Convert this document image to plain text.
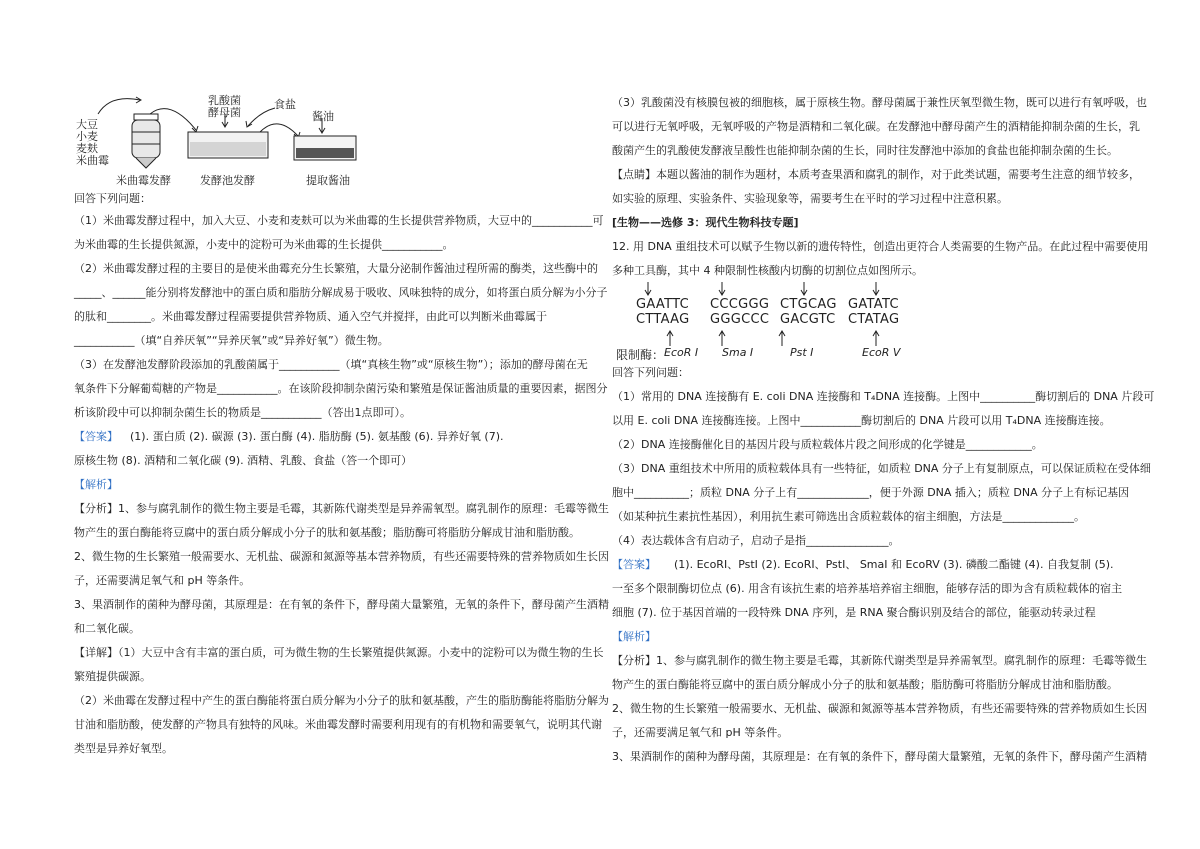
大豆
小麦
麦麸
米曲霉
乳酸菌
酵母菌
食盐
酱油
米曲霉发酵	发酵池发酵	提取酱油
回答下列问题：
（1）米曲霉发酵过程中，加入大豆、小麦和麦麸可以为米曲霉的生长提供营养物质，大豆中的___________可
为米曲霉的生长提供氮源，小麦中的淀粉可为米曲霉的生长提供___________。
（2）米曲霉发酵过程的主要目的是使米曲霉充分生长繁殖，大量分泌制作酱油过程所需的酶类，这些酶中的
_____、______能分别将发酵池中的蛋白质和脂肪分解成易于吸收、风味独特的成分，如将蛋白质分解为小分子
的肽和________。米曲霉发酵过程需要提供营养物质、通入空气并搅拌，由此可以判断米曲霉属于
___________（填“自养厌氧”“异养厌氧”或“异养好氧”）微生物。
（3）在发酵池发酵阶段添加的乳酸菌属于___________（填“真核生物”或“原核生物”）；添加的酵母菌在无
氧条件下分解葡萄糖的产物是___________。在该阶段抑制杂菌污染和繁殖是保证酱油质量的重要因素，据图分
析该阶段中可以抑制杂菌生长的物质是___________（答出1点即可）。
【答案】 (1). 蛋白质 (2). 碳源 (3). 蛋白酶 (4). 脂肪酶 (5). 氨基酸 (6). 异养好氧 (7).
原核生物 (8). 酒精和二氧化碳 (9). 酒精、乳酸、食盐（答一个即可）
【解析】
【分析】1、参与腐乳制作的微生物主要是毛霉，其新陈代谢类型是异养需氧型。腐乳制作的原理：毛霉等微生
物产生的蛋白酶能将豆腐中的蛋白质分解成小分子的肽和氨基酸；脂肪酶可将脂肪分解成甘油和脂肪酸。
2、微生物的生长繁殖一般需要水、无机盐、碳源和氮源等基本营养物质，有些还需要特殊的营养物质如生长因
子，还需要满足氧气和 pH 等条件。
3、果酒制作的菌种为酵母菌，其原理是：在有氧的条件下，酵母菌大量繁殖，无氧的条件下，酵母菌产生酒精
和二氧化碳。
【详解】（1）大豆中含有丰富的蛋白质，可为微生物的生长繁殖提供氮源。小麦中的淀粉可以为微生物的生长
繁殖提供碳源。
（2）米曲霉在发酵过程中产生的蛋白酶能将蛋白质分解为小分子的肽和氨基酸，产生的脂肪酶能将脂肪分解为
甘油和脂肪酸，使发酵的产物具有独特的风味。米曲霉发酵时需要利用现有的有机物和需要氧气，说明其代谢
类型是异养好氧型。
（3）乳酸菌没有核膜包被的细胞核，属于原核生物。酵母菌属于兼性厌氧型微生物，既可以进行有氧呼吸，也
可以进行无氧呼吸，无氧呼吸的产物是酒精和二氧化碳。在发酵池中酵母菌产生的酒精能抑制杂菌的生长，乳
酸菌产生的乳酸使发酵液呈酸性也能抑制杂菌的生长，同时往发酵池中添加的食盐也能抑制杂菌的生长。
【点睛】本题以酱油的制作为题材，本质考查果酒和腐乳的制作，对于此类试题，需要考生注意的细节较多，
如实验的原理、实验条件、实验现象等，需要考生在平时的学习过程中注意积累。
[生物——选修 3：现代生物科技专题]
12. 用 DNA 重组技术可以赋予生物以新的遗传特性，创造出更符合人类需要的生物产品。在此过程中需要使用
多种工具酶，其中 4 种限制性核酸内切酶的切割位点如图所示。
GAATTC CCCGGG CTGCAG GATATC
CTTAAG GGGCCC GACGTC CTATAG
限制酶： EcoR I Sma I	Pst I	EcoR V
回答下列问题：
（1）常用的 DNA 连接酶有 E. coli DNA 连接酶和 T₄DNA 连接酶。上图中__________酶切割后的 DNA 片段可
以用 E. coli DNA 连接酶连接。上图中___________酶切割后的 DNA 片段可以用 T₄DNA 连接酶连接。
（2）DNA 连接酶催化目的基因片段与质粒载体片段之间形成的化学键是____________。
（3）DNA 重组技术中所用的质粒载体具有一些特征，如质粒 DNA 分子上有复制原点，可以保证质粒在受体细
胞中__________；质粒 DNA 分子上有_____________，便于外源 DNA 插入；质粒 DNA 分子上有标记基因
（如某种抗生素抗性基因），利用抗生素可筛选出含质粒载体的宿主细胞，方法是_____________。
（4）表达载体含有启动子，启动子是指_______________。
【答案】 (1). EcoRI、PstI (2). EcoRI、PstI、 SmaI 和 EcoRV (3). 磷酸二酯键 (4). 自我复制 (5).
一至多个限制酶切位点 (6). 用含有该抗生素的培养基培养宿主细胞，能够存活的即为含有质粒载体的宿主
细胞 (7). 位于基因首端的一段特殊 DNA 序列，是 RNA 聚合酶识别及结合的部位，能驱动转录过程
【解析】
【分析】1、参与腐乳制作的微生物主要是毛霉，其新陈代谢类型是异养需氧型。腐乳制作的原理：毛霉等微生
物产生的蛋白酶能将豆腐中的蛋白质分解成小分子的肽和氨基酸；脂肪酶可将脂肪分解成甘油和脂肪酸。
2、微生物的生长繁殖一般需要水、无机盐、碳源和氮源等基本营养物质，有些还需要特殊的营养物质如生长因
子，还需要满足氧气和 pH 等条件。
3、果酒制作的菌种为酵母菌，其原理是：在有氧的条件下，酵母菌大量繁殖，无氧的条件下，酵母菌产生酒精
